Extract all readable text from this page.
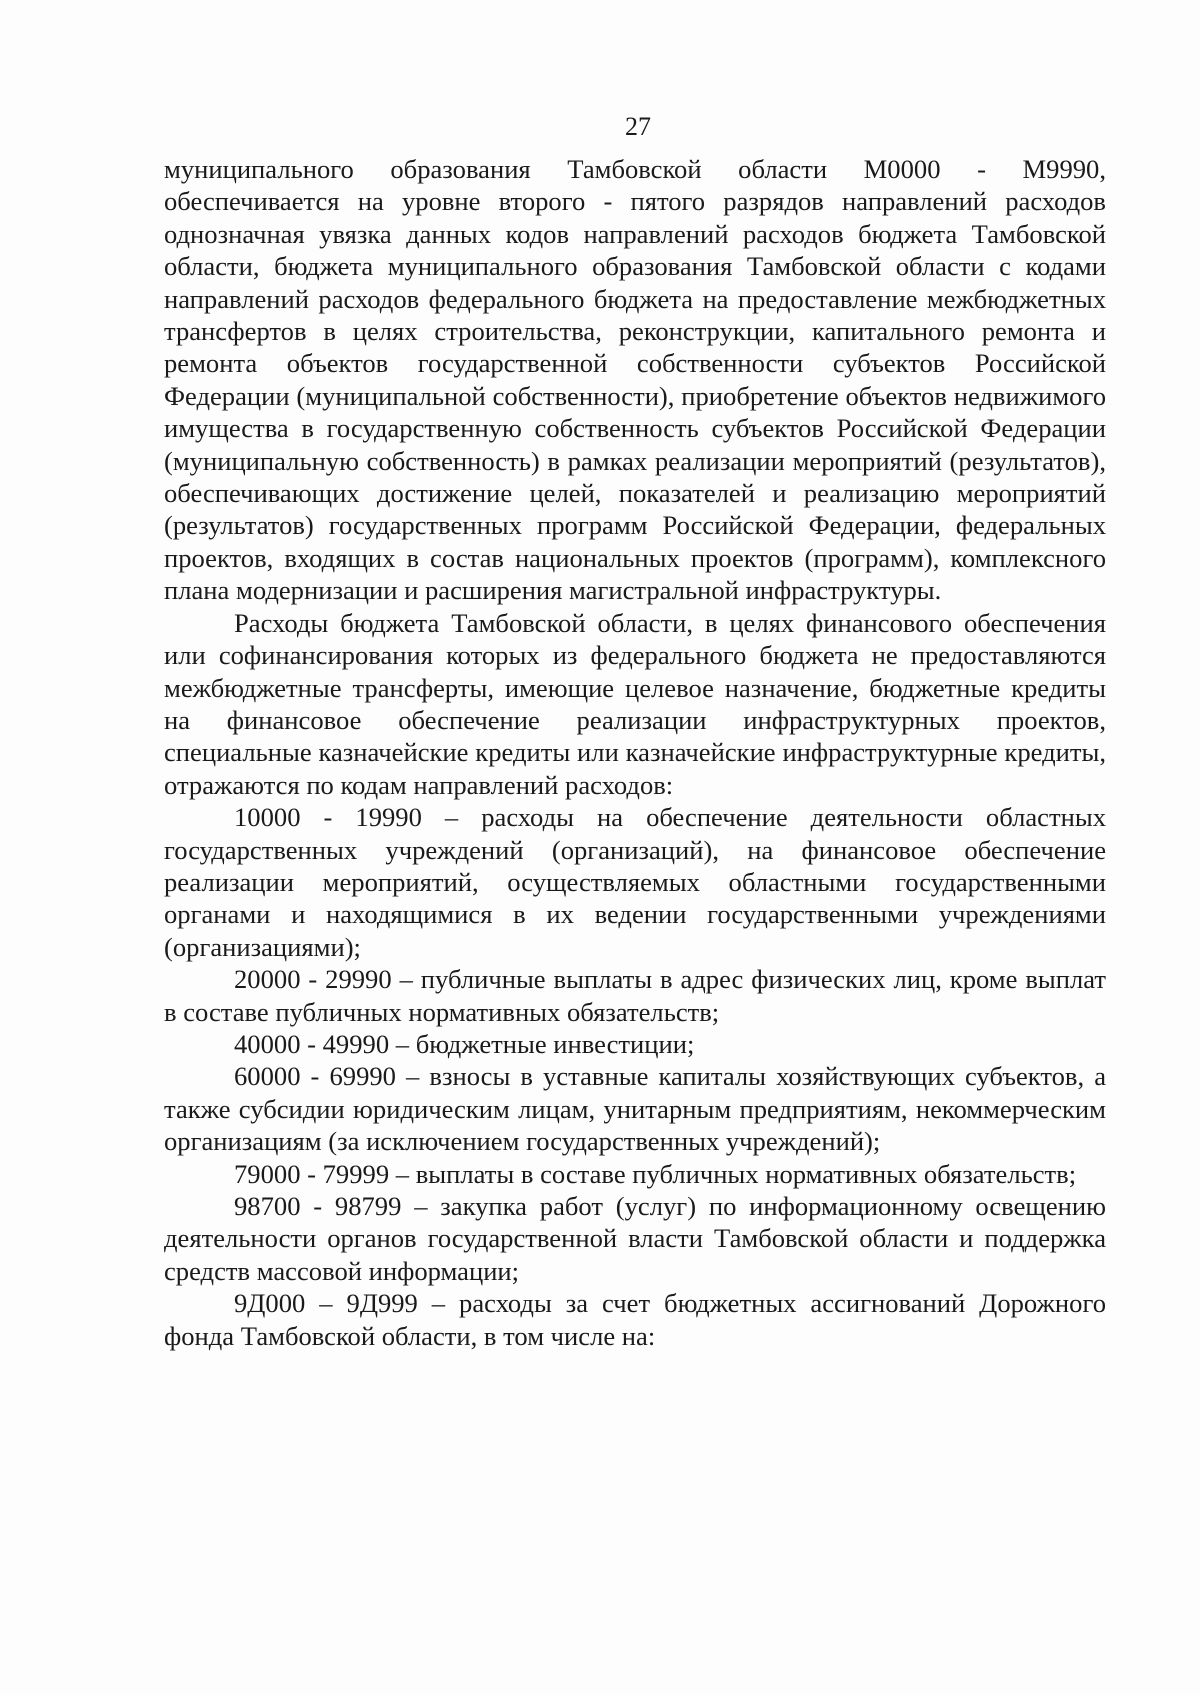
27

муниципального образования Тамбовской области М0000 - М9990, обеспечивается на уровне второго - пятого разрядов направлений расходов однозначная увязка данных кодов направлений расходов бюджета Тамбовской области, бюджета муниципального образования Тамбовской области с кодами направлений расходов федерального бюджета на предоставление межбюджетных трансфертов в целях строительства, реконструкции, капитального ремонта и ремонта объектов государственной собственности субъектов Российской Федерации (муниципальной собственности), приобретение объектов недвижимого имущества в государственную собственность субъектов Российской Федерации (муниципальную собственность) в рамках реализации мероприятий (результатов), обеспечивающих достижение целей, показателей и реализацию мероприятий (результатов) государственных программ Российской Федерации, федеральных проектов, входящих в состав национальных проектов (программ), комплексного плана модернизации и расширения магистральной инфраструктуры.

Расходы бюджета Тамбовской области, в целях финансового обеспечения или софинансирования которых из федерального бюджета не предоставляются межбюджетные трансферты, имеющие целевое назначение, бюджетные кредиты на финансовое обеспечение реализации инфраструктурных проектов, специальные казначейские кредиты или казначейские инфраструктурные кредиты, отражаются по кодам направлений расходов:

10000 - 19990 – расходы на обеспечение деятельности областных государственных учреждений (организаций), на финансовое обеспечение реализации мероприятий, осуществляемых областными государственными органами и находящимися в их ведении государственными учреждениями (организациями);

20000 - 29990 – публичные выплаты в адрес физических лиц, кроме выплат в составе публичных нормативных обязательств;

40000 - 49990 – бюджетные инвестиции;

60000 - 69990 – взносы в уставные капиталы хозяйствующих субъектов, а также субсидии юридическим лицам, унитарным предприятиям, некоммерческим организациям (за исключением государственных учреждений);

79000 - 79999 – выплаты в составе публичных нормативных обязательств;

98700 - 98799 – закупка работ (услуг) по информационному освещению деятельности органов государственной власти Тамбовской области и поддержка средств массовой информации;

9Д000 – 9Д999 – расходы за счет бюджетных ассигнований Дорожного фонда Тамбовской области, в том числе на:
